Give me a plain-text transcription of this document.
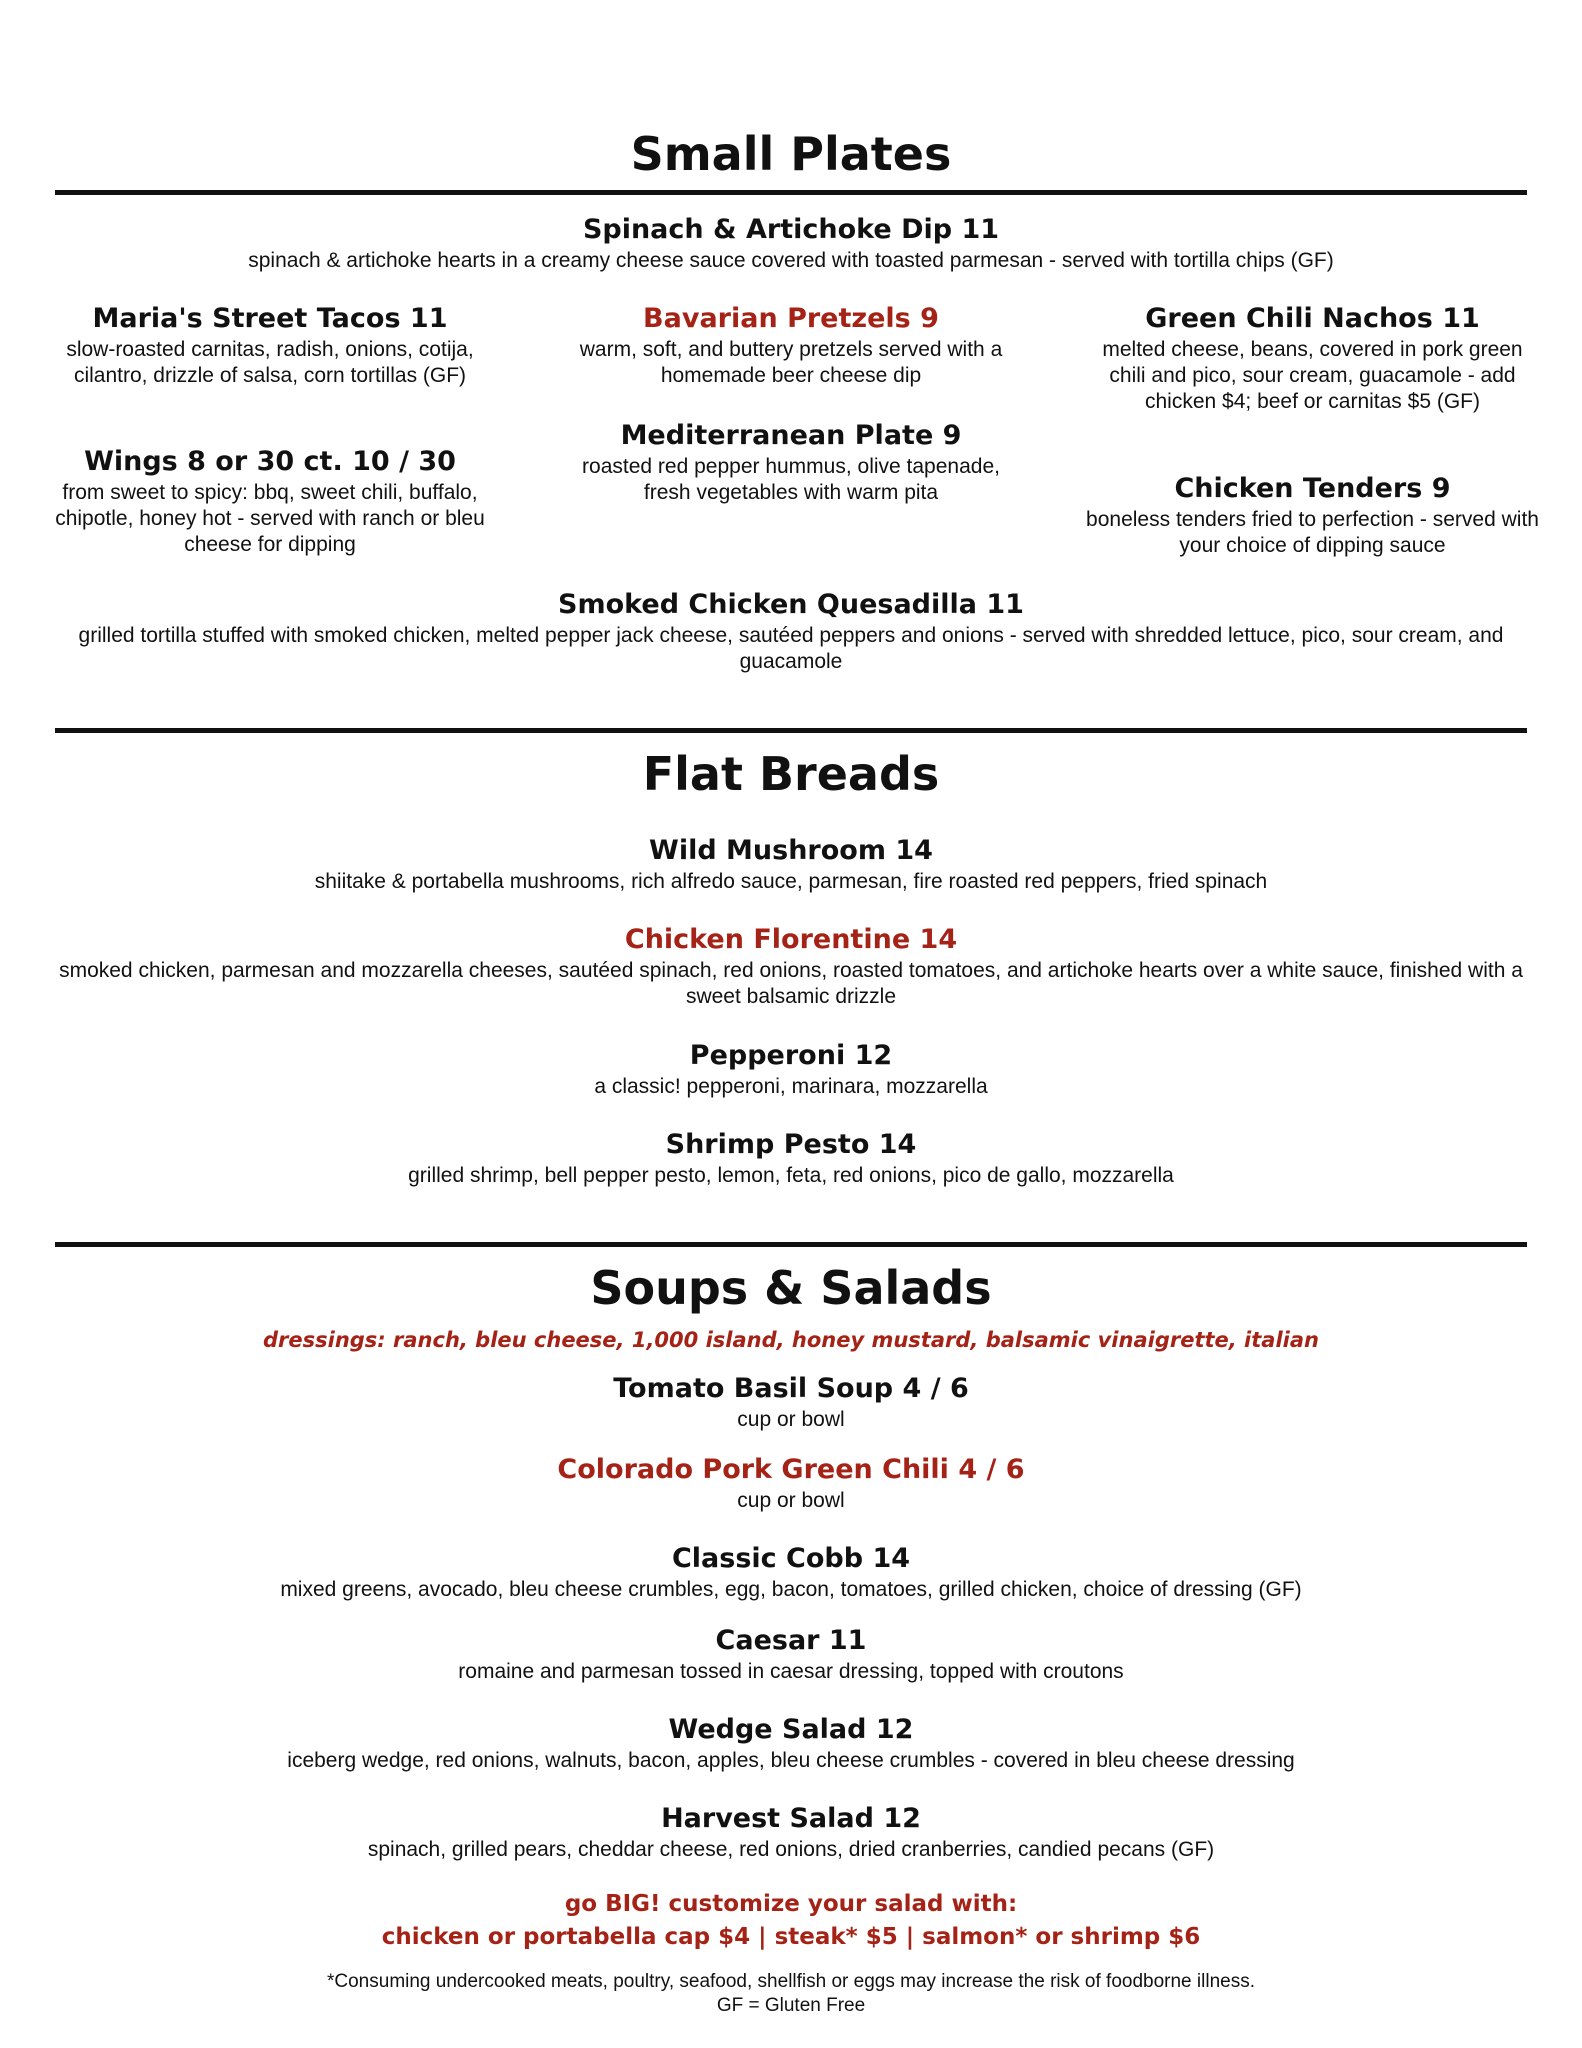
Small Plates
Spinach & Artichoke Dip 11
spinach & artichoke hearts in a creamy cheese sauce covered with toasted parmesan - served with tortilla chips (GF)
Maria's Street Tacos 11
slow-roasted carnitas, radish, onions, cotija, cilantro, drizzle of salsa, corn tortillas (GF)
Bavarian Pretzels 9
warm, soft, and buttery pretzels served with a homemade beer cheese dip
Green Chili Nachos 11
melted cheese, beans, covered in pork green chili and pico, sour cream, guacamole - add chicken $4; beef or carnitas $5 (GF)
Wings 8 or 30 ct. 10 / 30
from sweet to spicy: bbq, sweet chili, buffalo, chipotle, honey hot - served with ranch or bleu cheese for dipping
Mediterranean Plate 9
roasted red pepper hummus, olive tapenade, fresh vegetables with warm pita	Chicken Tenders 9
boneless tenders fried to perfection - served with your choice of dipping sauce
Smoked Chicken Quesadilla 11
grilled tortilla stuffed with smoked chicken, melted pepper jack cheese, sautéed peppers and onions - served with shredded lettuce, pico, sour cream, and guacamole
Flat Breads
Wild Mushroom 14
shiitake & portabella mushrooms, rich alfredo sauce, parmesan, fire roasted red peppers, fried spinach
Chicken Florentine 14
smoked chicken, parmesan and mozzarella cheeses, sautéed spinach, red onions, roasted tomatoes, and artichoke hearts over a white sauce, finished with a sweet balsamic drizzle
Pepperoni 12
a classic! pepperoni, marinara, mozzarella
Shrimp Pesto 14
grilled shrimp, bell pepper pesto, lemon, feta, red onions, pico de gallo, mozzarella
Soups & Salads
dressings: ranch, bleu cheese, 1,000 island, honey mustard, balsamic vinaigrette, italian
Tomato Basil Soup 4 / 6
cup or bowl
Colorado Pork Green Chili 4 / 6
cup or bowl
Classic Cobb 14
mixed greens, avocado, bleu cheese crumbles, egg, bacon, tomatoes, grilled chicken, choice of dressing (GF)
Caesar 11
romaine and parmesan tossed in caesar dressing, topped with croutons
Wedge Salad 12
iceberg wedge, red onions, walnuts, bacon, apples, bleu cheese crumbles - covered in bleu cheese dressing
Harvest Salad 12
spinach, grilled pears, cheddar cheese, red onions, dried cranberries, candied pecans (GF)
go BIG! customize your salad with:
chicken or portabella cap $4 | steak* $5 | salmon* or shrimp $6
*Consuming undercooked meats, poultry, seafood, shellfish or eggs may increase the risk of foodborne illness.
GF = Gluten Free
